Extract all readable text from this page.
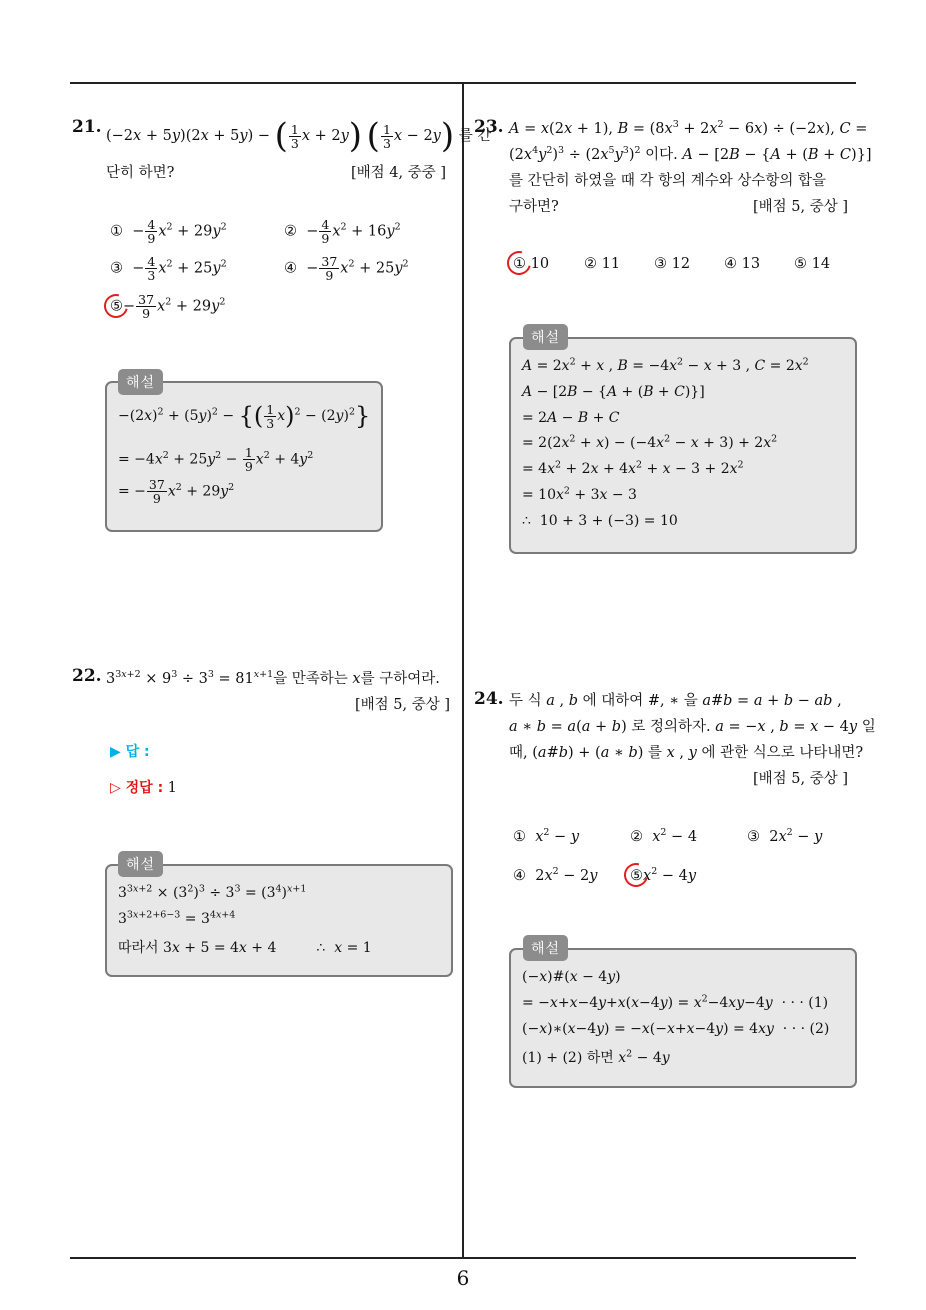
6
21. (−2x + 5y)(2x + 5y) − ( $\frac{1}{3}$ x + 2y) ( $\frac{1}{3}$ x − 2y) 를 간
단히 하면?	[배점 4, 중중 ]
①  − $\frac{4}{9} x^2 + 29y^2$	②  − $\frac{4}{9} x^2 + 16y^2$
③  − $\frac{4}{3} x^2 + 25y^2$	④  − $\frac{37}{9} x^2 + 25y^2$
⑤− $\frac{37}{9} x^2 + 29y^2$
해설
$-(2x)^2 + (5y)^2$ − {( $\frac{1}{3} x)^2 - (2y)^2$}
= $-4x^2 + 25y^2 - \frac{1}{9} x^2 + 4y^2$
= − $\frac{37}{9} x^2 + 29y^2$
22. $3^{3x+2} \times 9^3 \div 3^3 = 81^{x+1}$을 만족하는 x를 구하여라.
[배점 5, 중상 ]
▶ 답 :
▷ 정답 : 1
해설
$3^{3x+2} \times (3^2)^3 \div 3^3 = (3^4)^{x+1}$
$3^{3x+2+6-3} = 3^{4x+4}$
따라서 3x + 5 = 4x + 4         ∴  x = 1
23. A = x(2x + 1), $B = (8x^3 + 2x^2 - 6x) \div (-2x)$, C =
$(2x^4y^2)^3 \div (2x^5y^3)^2$ 이다. A − [2B − {A + (B + C)}]
를 간단히 하였을 때 각 항의 계수와 상수항의 합을
구하면?	[배점 5, 중상 ]
① 10 ② 11 ③ 12 ④ 13 ⑤ 14
해설
$A = 2x^2 + x$ , $B = -4x^2 - x + 3$ , $C = 2x^2$
A − [2B − {A + (B + C)}]
= 2A − B + C
= $2(2x^2 + x) - (-4x^2 - x + 3) + 2x^2$
= $4x^2 + 2x + 4x^2 + x - 3 + 2x^2$
= $10x^2 + 3x - 3$
∴  10 + 3 + (−3) = 10
24. 두 식 a , b 에 대하여 #, ∗ 을 a#b = a + b − ab ,
a ∗ b = a(a + b) 로 정의하자. a = −x , b = x − 4y 일
때, (a#b) + (a ∗ b) 를 x , y 에 관한 식으로 나타내면?
[배점 5, 중상 ]
① $x^2 - y$	② $x^2 - 4$	③  $2x^2 - y$
④  $2x^2 - 2y$ $⑤x^2 - 4y$
해설
(−x)#(x − 4y)
= $-x+x-4y+x(x-4y) = x^2-4xy-4y$  · · · (1)
(−x)∗(x−4y) = −x(−x+x−4y) = 4xy  · · · (2)
(1) + (2) 하면 $x^2 - 4y$
